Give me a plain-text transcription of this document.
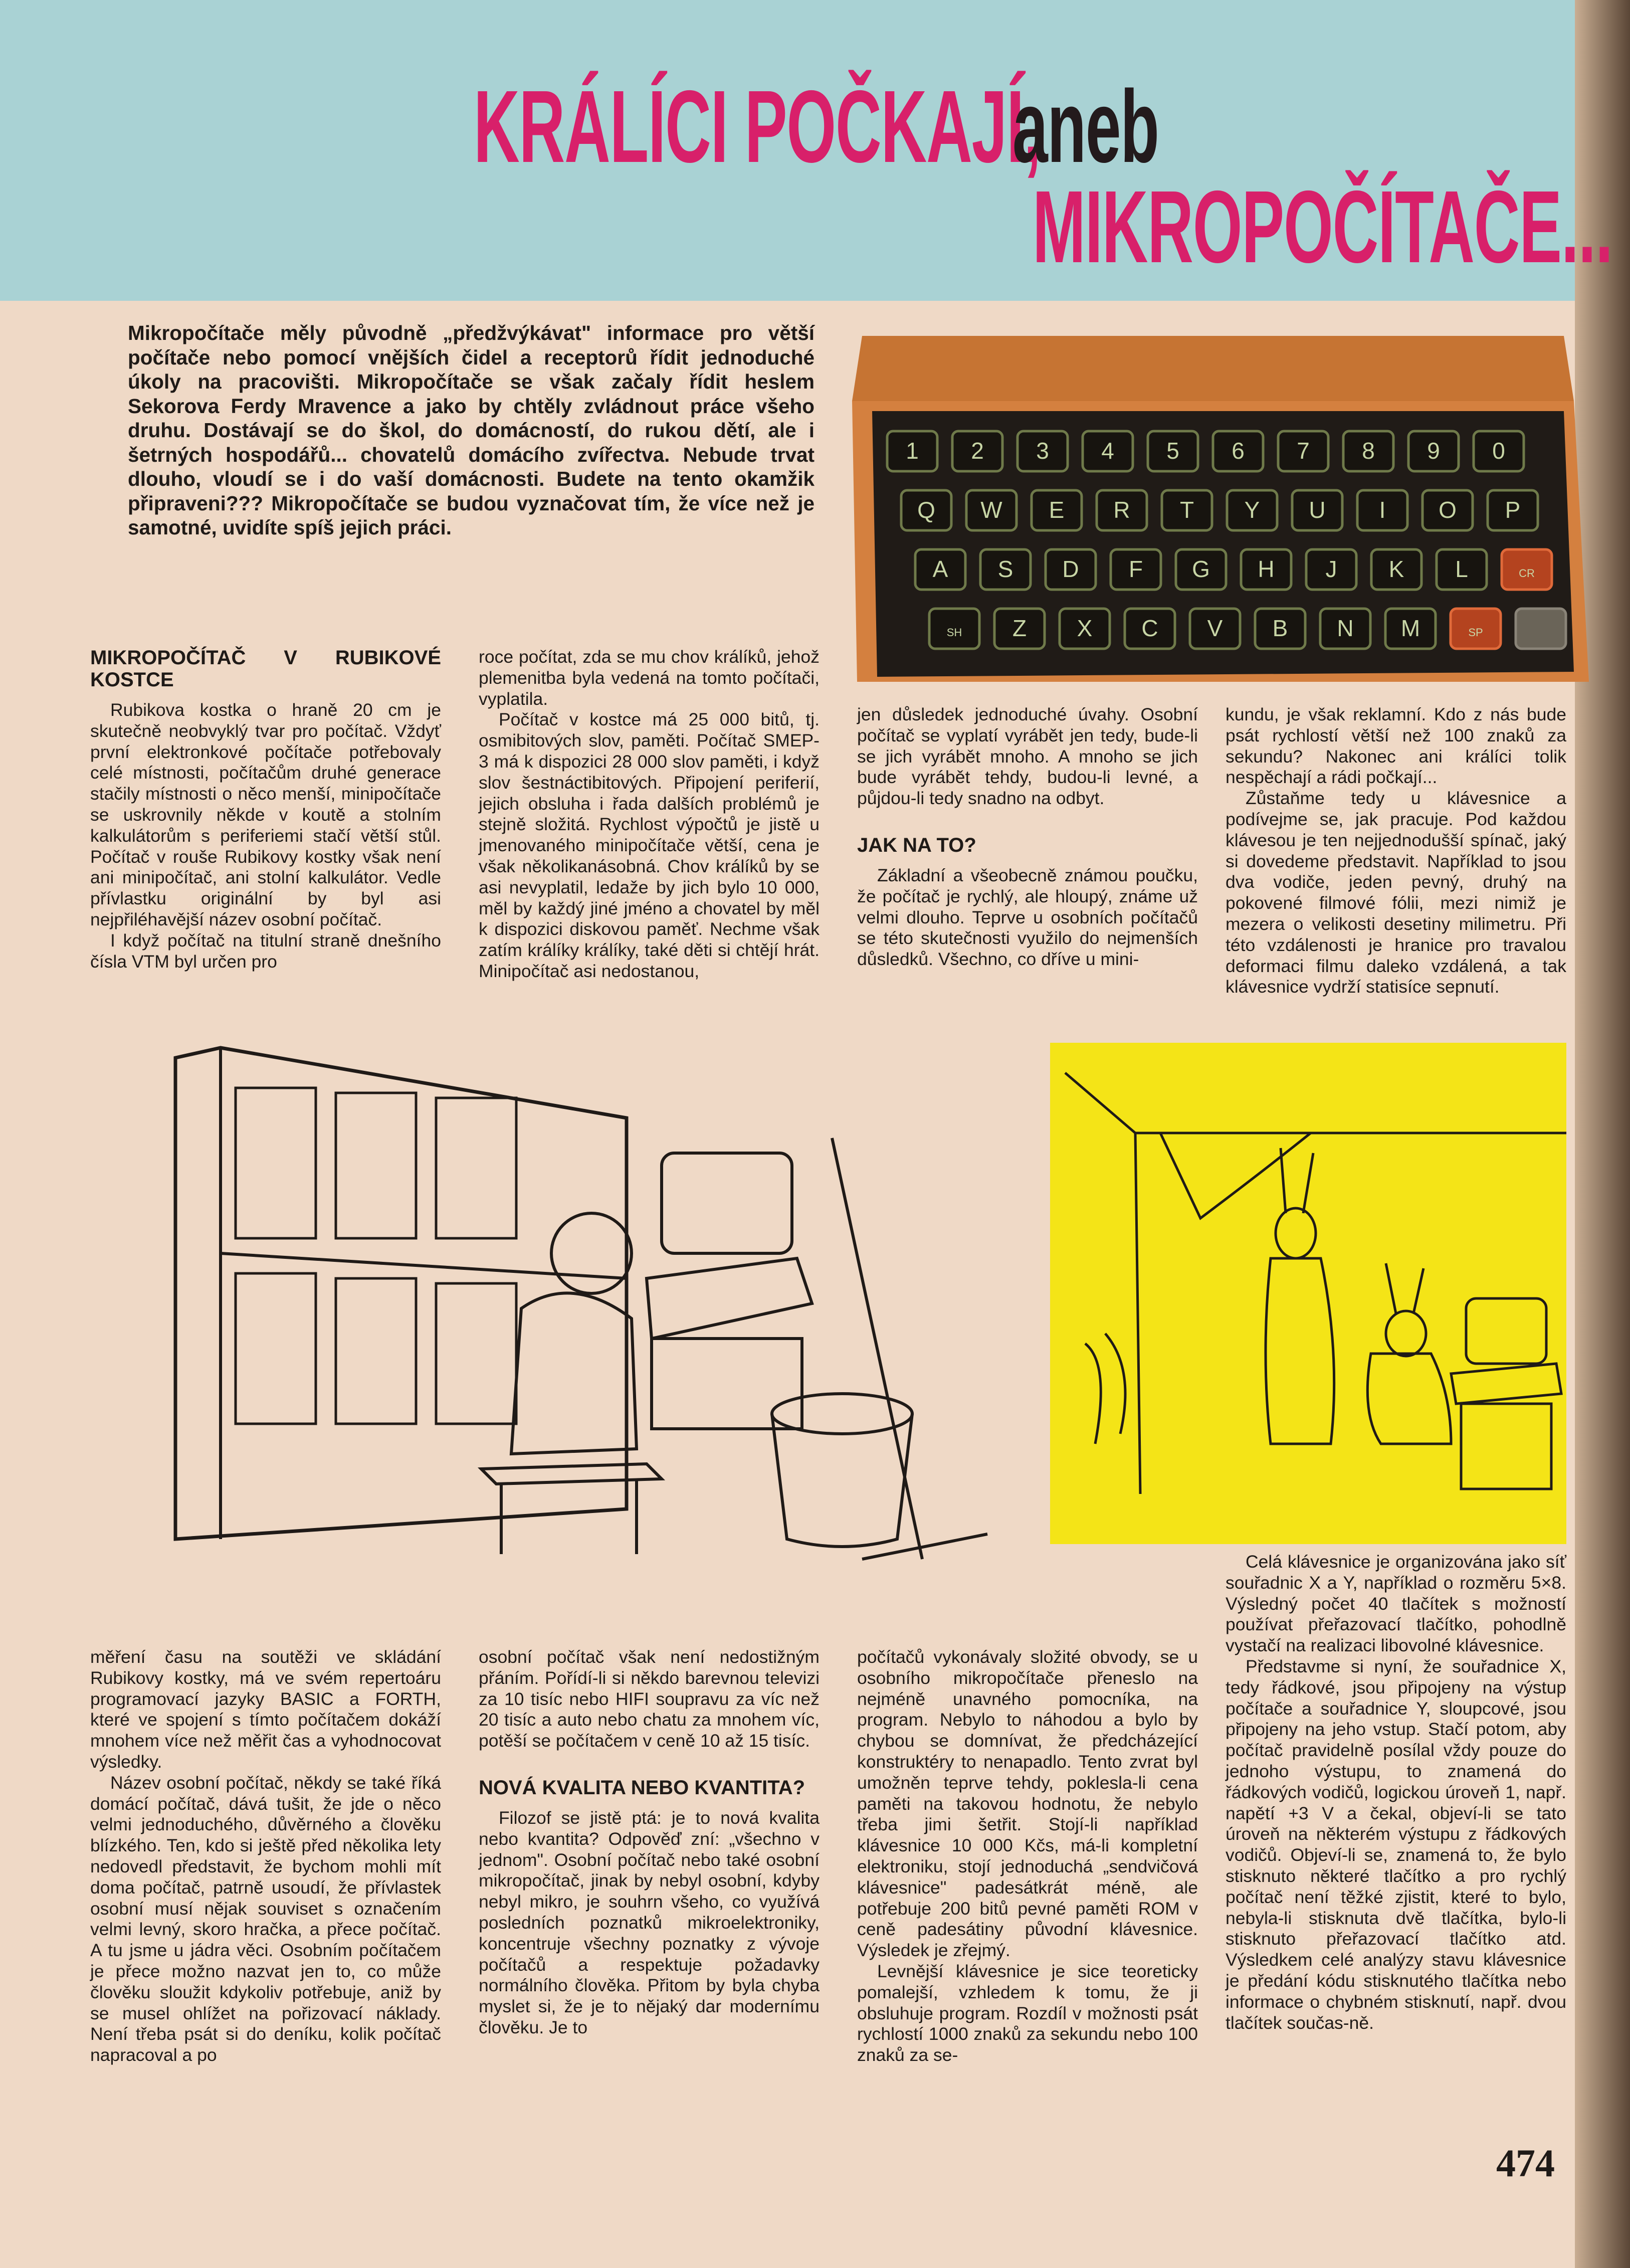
KRÁLÍCI POČKAJÍ,
aneb
MIKROPOČÍTAČE...
Mikropočítače měly původně „předžvýkávat" informace pro větší počítače nebo pomocí vnějších čidel a receptorů řídit jednoduché úkoly na pracovišti. Mikropočítače se však začaly řídit heslem Sekorova Ferdy Mravence a jako by chtěly zvládnout práce všeho druhu. Dostávají se do škol, do domácností, do rukou dětí, ale i šetrných hospodářů... chovatelů domácího zvířectva. Nebude trvat dlouho, vloudí se i do vaší domácnosti. Budete na tento okamžik připraveni??? Mikropočítače se budou vyznačovat tím, že více než je samotné, uvidíte spíš jejich práci.
1 2 3 4 5 6 7 8 9 0
Q W E R T Y U I O P
A S D F G H J K L	CR
SH Z X C V B N M	SP
MIKROPOČÍTAČ V RUBIKOVÉ KOSTCE

Rubikova kostka o hraně 20 cm je skutečně neobvyklý tvar pro počítač. Vždyť první elektronkové počítače potřebovaly celé místnosti, počítačům druhé generace stačily místnosti o něco menší, minipočítače se uskrovnily někde v koutě a stolním kalkulátorům s periferiemi stačí větší stůl. Počítač v rouše Rubikovy kostky však není ani minipočítač, ani stolní kalkulátor. Vedle přívlastku originální by byl asi nejpřiléhavější název osobní počítač.

I když počítač na titulní straně dnešního čísla VTM byl určen pro

roce počítat, zda se mu chov králíků, jehož plemenitba byla vedená na tomto počítači, vyplatila.

Počítač v kostce má 25 000 bitů, tj. osmibitových slov, paměti. Počítač SMEP-3 má k dispozici 28 000 slov paměti, i když slov šestnáctibitových. Připojení periferií, jejich obsluha i řada dalších problémů je stejně složitá. Rychlost výpočtů je jistě u jmenovaného minipočítače větší, cena je však několikanásobná. Chov králíků by se asi nevyplatil, ledaže by jich bylo 10 000, měl by každý jiné jméno a chovatel by měl k dispozici diskovou paměť. Nechme však zatím králíky králíky, také děti si chtějí hrát. Minipočítač asi nedostanou,

jen důsledek jednoduché úvahy. Osobní počítač se vyplatí vyrábět jen tedy, bude-li se jich vyrábět mnoho. A mnoho se jich bude vyrábět tehdy, budou-li levné, a půjdou-li tedy snadno na odbyt.

JAK NA TO?

Základní a všeobecně známou poučku, že počítač je rychlý, ale hloupý, známe už velmi dlouho. Teprve u osobních počítačů se této skutečnosti využilo do nejmenších důsledků. Všechno, co dříve u mini-

kundu, je však reklamní. Kdo z nás bude psát rychlostí větší než 100 znaků za sekundu? Nakonec ani králíci tolik nespěchají a rádi počkají...

Zůstaňme tedy u klávesnice a podívejme se, jak pracuje. Pod každou klávesou je ten nejjednodušší spínač, jaký si dovedeme představit. Například to jsou dva vodiče, jeden pevný, druhý na pokovené filmové fólii, mezi nimiž je mezera o velikosti desetiny milimetru. Při této vzdálenosti je hranice pro travalou deformaci filmu daleko vzdálená, a tak klávesnice vydrží statisíce sepnutí.

měření času na soutěži ve skládání Rubikovy kostky, má ve svém repertoáru programovací jazyky BASIC a FORTH, které ve spojení s tímto počítačem dokáží mnohem více než měřit čas a vyhodnocovat výsledky.

Název osobní počítač, někdy se také říká domácí počítač, dává tušit, že jde o něco velmi jednoduchého, důvěrného a člověku blízkého. Ten, kdo si ještě před několika lety nedovedl představit, že bychom mohli mít doma počítač, patrně usoudí, že přívlastek osobní musí nějak souviset s označením velmi levný, skoro hračka, a přece počítač. A tu jsme u jádra věci. Osobním počítačem je přece možno nazvat jen to, co může člověku sloužit kdykoliv potřebuje, aniž by se musel ohlížet na pořizovací náklady. Není třeba psát si do deníku, kolik počítač napracoval a po

osobní počítač však není nedostižným přáním. Pořídí-li si někdo barevnou televizi za 10 tisíc nebo HIFI soupravu za víc než 20 tisíc a auto nebo chatu za mnohem víc, potěší se počítačem v ceně 10 až 15 tisíc.

NOVÁ KVALITA NEBO KVANTITA?

Filozof se jistě ptá: je to nová kvalita nebo kvantita? Odpověď zní: „všechno v jednom". Osobní počítač nebo také osobní mikropočítač, jinak by nebyl osobní, kdyby nebyl mikro, je souhrn všeho, co využívá posledních poznatků mikroelektroniky, koncentruje všechny poznatky z vývoje počítačů a respektuje požadavky normálního člověka. Přitom by byla chyba myslet si, že je to nějaký dar modernímu člověku. Je to

počítačů vykonávaly složité obvody, se u osobního mikropočítače přeneslo na nejméně unavného pomocníka, na program. Nebylo to náhodou a bylo by chybou se domnívat, že předcházející konstruktéry to nenapadlo. Tento zvrat byl umožněn teprve tehdy, poklesla-li cena paměti na takovou hodnotu, že nebylo třeba jimi šetřit. Stojí-li například klávesnice 10 000 Kčs, má-li kompletní elektroniku, stojí jednoduchá „sendvičová klávesnice" padesátkrát méně, ale potřebuje 200 bitů pevné paměti ROM v ceně padesátiny původní klávesnice. Výsledek je zřejmý.

Levnější klávesnice je sice teoreticky pomalejší, vzhledem k tomu, že ji obsluhuje program. Rozdíl v možnosti psát rychlostí 1000 znaků za sekundu nebo 100 znaků za se-

Celá klávesnice je organizována jako síť souřadnic X a Y, například o rozměru 5×8. Výsledný počet 40 tlačítek s možností používat přeřazovací tlačítko, pohodlně vystačí na realizaci libovolné klávesnice.

Představme si nyní, že souřadnice X, tedy řádkové, jsou připojeny na výstup počítače a souřadnice Y, sloupcové, jsou připojeny na jeho vstup. Stačí potom, aby počítač pravidelně posílal vždy pouze do jednoho výstupu, to znamená do řádkových vodičů, logickou úroveň 1, např. napětí +3 V a čekal, objeví-li se tato úroveň na některém výstupu z řádkových vodičů. Objeví-li se, znamená to, že bylo stisknuto některé tlačítko a pro rychlý počítač není těžké zjistit, které to bylo, nebyla-li stisknuta dvě tlačítka, bylo-li stisknuto přeřazovací tlačítko atd. Výsledkem celé analýzy stavu klávesnice je předání kódu stisknutého tlačítka nebo informace o chybném stisknutí, např. dvou tlačítek součas-ně.

474
